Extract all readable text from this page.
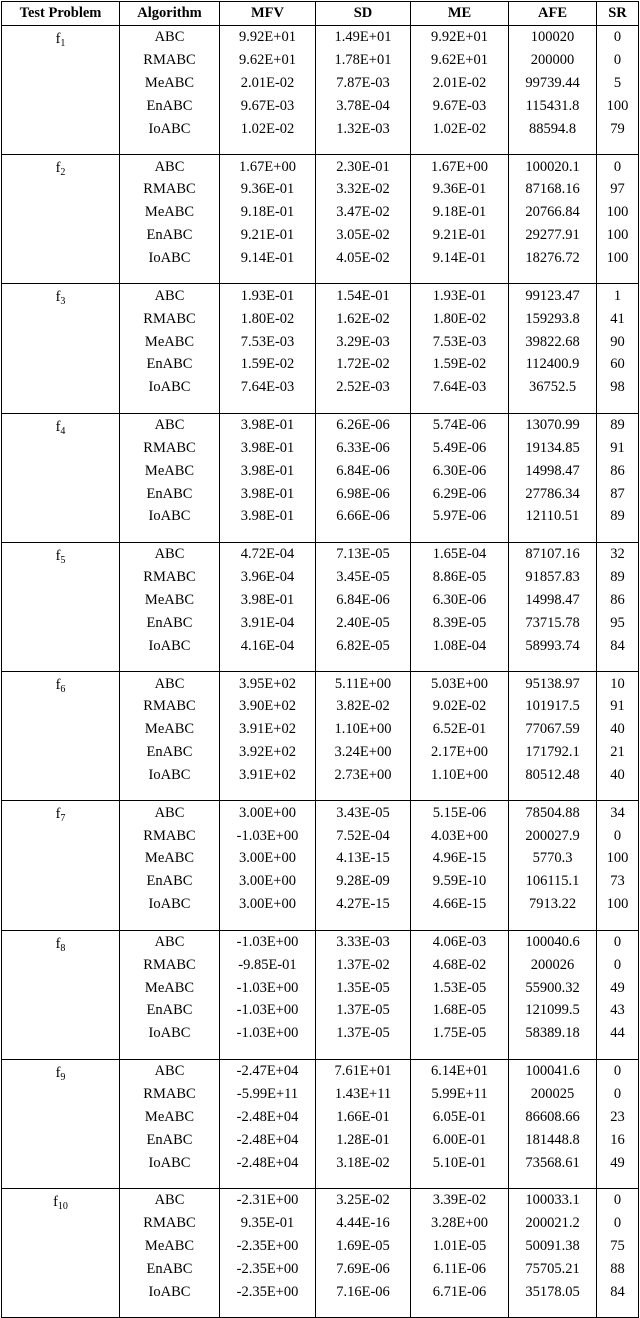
Test Problem	Algorithm	MFV	SD	ME	AFE	SR
$f_1$	ABC	9.92E+01	1.49E+01	9.92E+01	100020	0
	RMABC	9.62E+01	1.78E+01	9.62E+01	200000	0
	MeABC	2.01E-02	7.87E-03	2.01E-02	99739.44	5
	EnABC	9.67E-03	3.78E-04	9.67E-03	115431.8	100
	IoABC	1.02E-02	1.32E-03	1.02E-02	88594.8	79

$f_2$	ABC	1.67E+00	2.30E-01	1.67E+00	100020.1	0
	RMABC	9.36E-01	3.32E-02	9.36E-01	87168.16	97
	MeABC	9.18E-01	3.47E-02	9.18E-01	20766.84	100
	EnABC	9.21E-01	3.05E-02	9.21E-01	29277.91	100
	IoABC	9.14E-01	4.05E-02	9.14E-01	18276.72	100

$f_3$	ABC	1.93E-01	1.54E-01	1.93E-01	99123.47	1
	RMABC	1.80E-02	1.62E-02	1.80E-02	159293.8	41
	MeABC	7.53E-03	3.29E-03	7.53E-03	39822.68	90
	EnABC	1.59E-02	1.72E-02	1.59E-02	112400.9	60
	IoABC	7.64E-03	2.52E-03	7.64E-03	36752.5	98

$f_4$	ABC	3.98E-01	6.26E-06	5.74E-06	13070.99	89
	RMABC	3.98E-01	6.33E-06	5.49E-06	19134.85	91
	MeABC	3.98E-01	6.84E-06	6.30E-06	14998.47	86
	EnABC	3.98E-01	6.98E-06	6.29E-06	27786.34	87
	IoABC	3.98E-01	6.66E-06	5.97E-06	12110.51	89

$f_5$	ABC	4.72E-04	7.13E-05	1.65E-04	87107.16	32
	RMABC	3.96E-04	3.45E-05	8.86E-05	91857.83	89
	MeABC	3.98E-01	6.84E-06	6.30E-06	14998.47	86
	EnABC	3.91E-04	2.40E-05	8.39E-05	73715.78	95
	IoABC	4.16E-04	6.82E-05	1.08E-04	58993.74	84

$f_6$	ABC	3.95E+02	5.11E+00	5.03E+00	95138.97	10
	RMABC	3.90E+02	3.82E-02	9.02E-02	101917.5	91
	MeABC	3.91E+02	1.10E+00	6.52E-01	77067.59	40
	EnABC	3.92E+02	3.24E+00	2.17E+00	171792.1	21
	IoABC	3.91E+02	2.73E+00	1.10E+00	80512.48	40

$f_7$	ABC	3.00E+00	3.43E-05	5.15E-06	78504.88	34
	RMABC	-1.03E+00	7.52E-04	4.03E+00	200027.9	0
	MeABC	3.00E+00	4.13E-15	4.96E-15	5770.3	100
	EnABC	3.00E+00	9.28E-09	9.59E-10	106115.1	73
	IoABC	3.00E+00	4.27E-15	4.66E-15	7913.22	100

$f_8$	ABC	-1.03E+00	3.33E-03	4.06E-03	100040.6	0
	RMABC	-9.85E-01	1.37E-02	4.68E-02	200026	0
	MeABC	-1.03E+00	1.35E-05	1.53E-05	55900.32	49
	EnABC	-1.03E+00	1.37E-05	1.68E-05	121099.5	43
	IoABC	-1.03E+00	1.37E-05	1.75E-05	58389.18	44

$f_9$	ABC	-2.47E+04	7.61E+01	6.14E+01	100041.6	0
	RMABC	-5.99E+11	1.43E+11	5.99E+11	200025	0
	MeABC	-2.48E+04	1.66E-01	6.05E-01	86608.66	23
	EnABC	-2.48E+04	1.28E-01	6.00E-01	181448.8	16
	IoABC	-2.48E+04	3.18E-02	5.10E-01	73568.61	49

$f_{10}$	ABC	-2.31E+00	3.25E-02	3.39E-02	100033.1	0
	RMABC	9.35E-01	4.44E-16	3.28E+00	200021.2	0
	MeABC	-2.35E+00	1.69E-05	1.01E-05	50091.38	75
	EnABC	-2.35E+00	7.69E-06	6.11E-06	75705.21	88
	IoABC	-2.35E+00	7.16E-06	6.71E-06	35178.05	84
